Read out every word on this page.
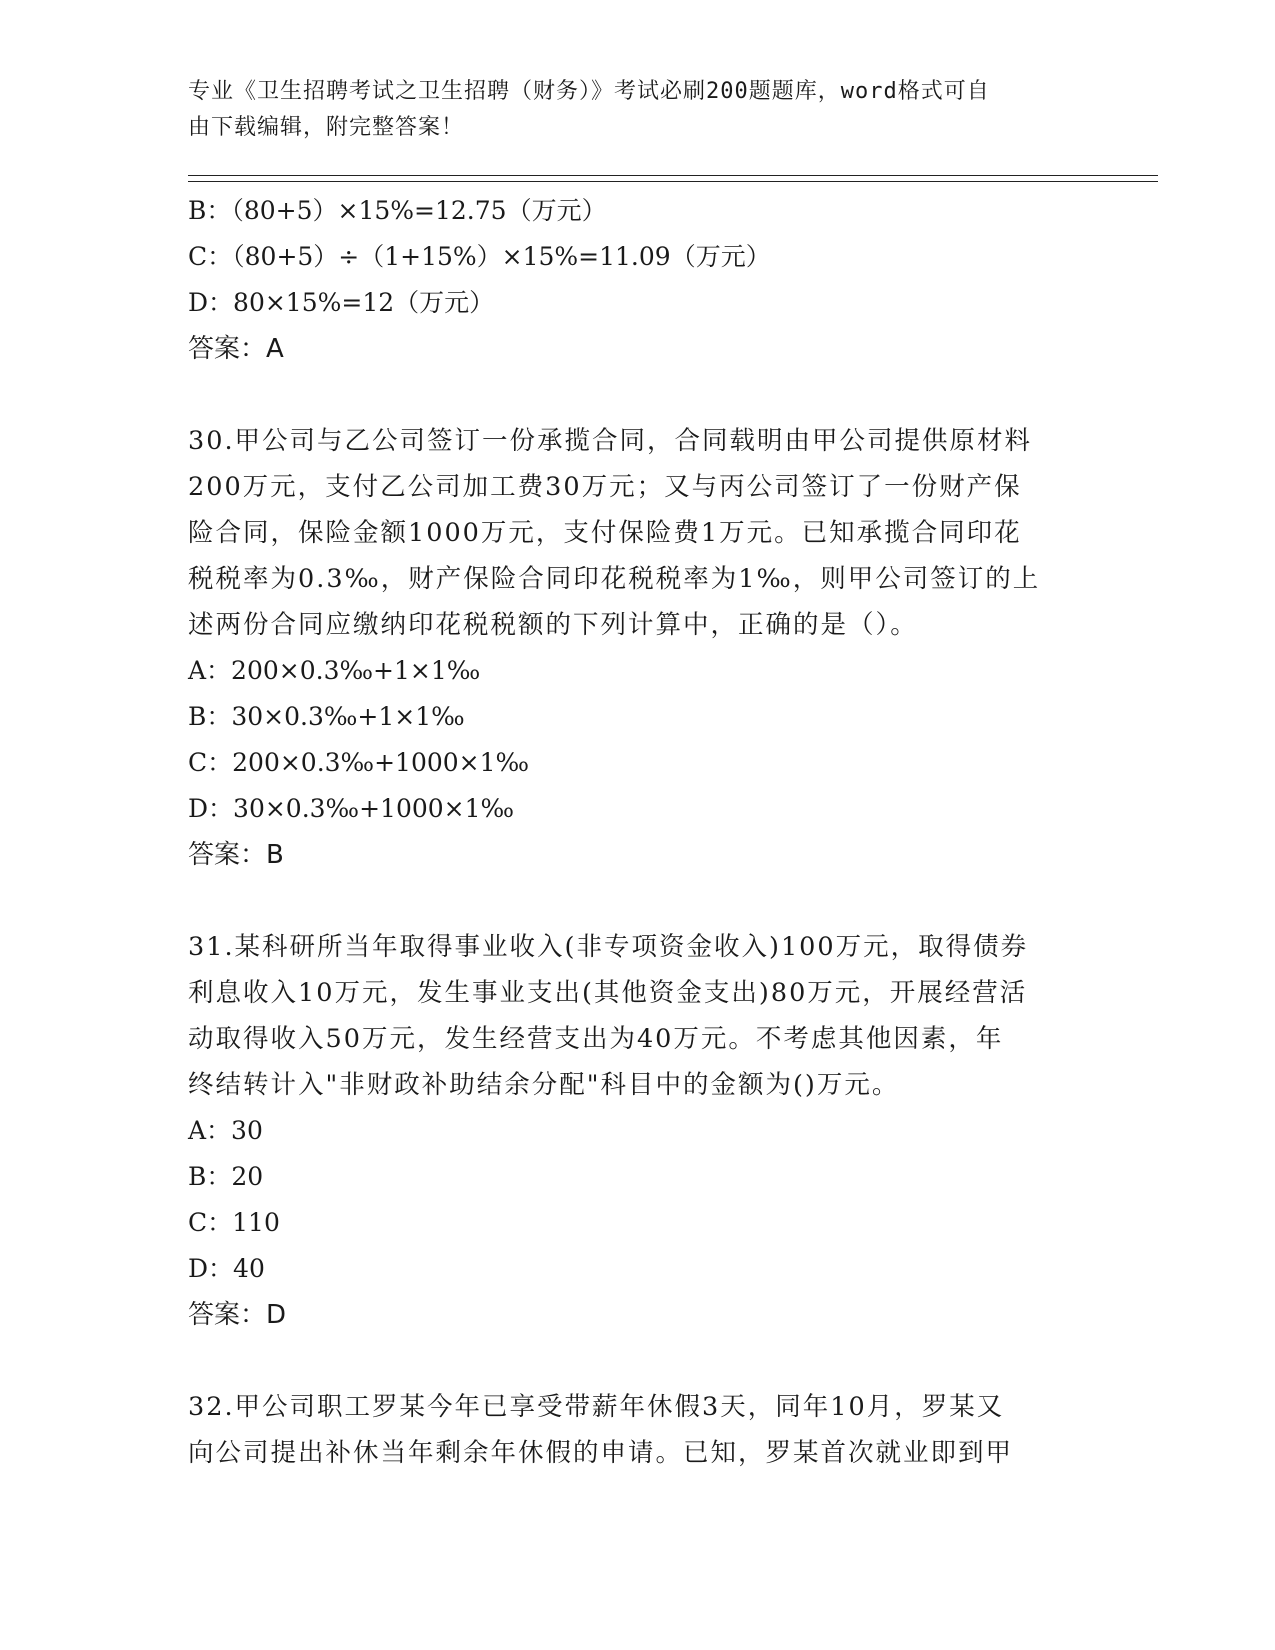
专业《卫生招聘考试之卫生招聘（财务）》考试必刷200题题库，word格式可自
由下载编辑，附完整答案！
B：（80+5）×15%=12.75（万元）
C：（80+5）÷（1+15%）×15%=11.09（万元）
D：80×15%=12（万元）
答案：A
30.甲公司与乙公司签订一份承揽合同，合同载明由甲公司提供原材料
200万元，支付乙公司加工费30万元；又与丙公司签订了一份财产保
险合同，保险金额1000万元，支付保险费1万元。已知承揽合同印花
税税率为0.3‰，财产保险合同印花税税率为1‰，则甲公司签订的上
述两份合同应缴纳印花税税额的下列计算中，正确的是（）。
A：200×0.3‰+1×1‰
B：30×0.3‰+1×1‰
C：200×0.3‰+1000×1‰
D：30×0.3‰+1000×1‰
答案：B
31.某科研所当年取得事业收入(非专项资金收入)100万元，取得债券
利息收入10万元，发生事业支出(其他资金支出)80万元，开展经营活
动取得收入50万元，发生经营支出为40万元。不考虑其他因素，年
终结转计入"非财政补助结余分配"科目中的金额为()万元。
A：30
B：20
C：110
D：40
答案：D
32.甲公司职工罗某今年已享受带薪年休假3天，同年10月，罗某又
向公司提出补休当年剩余年休假的申请。已知，罗某首次就业即到甲
